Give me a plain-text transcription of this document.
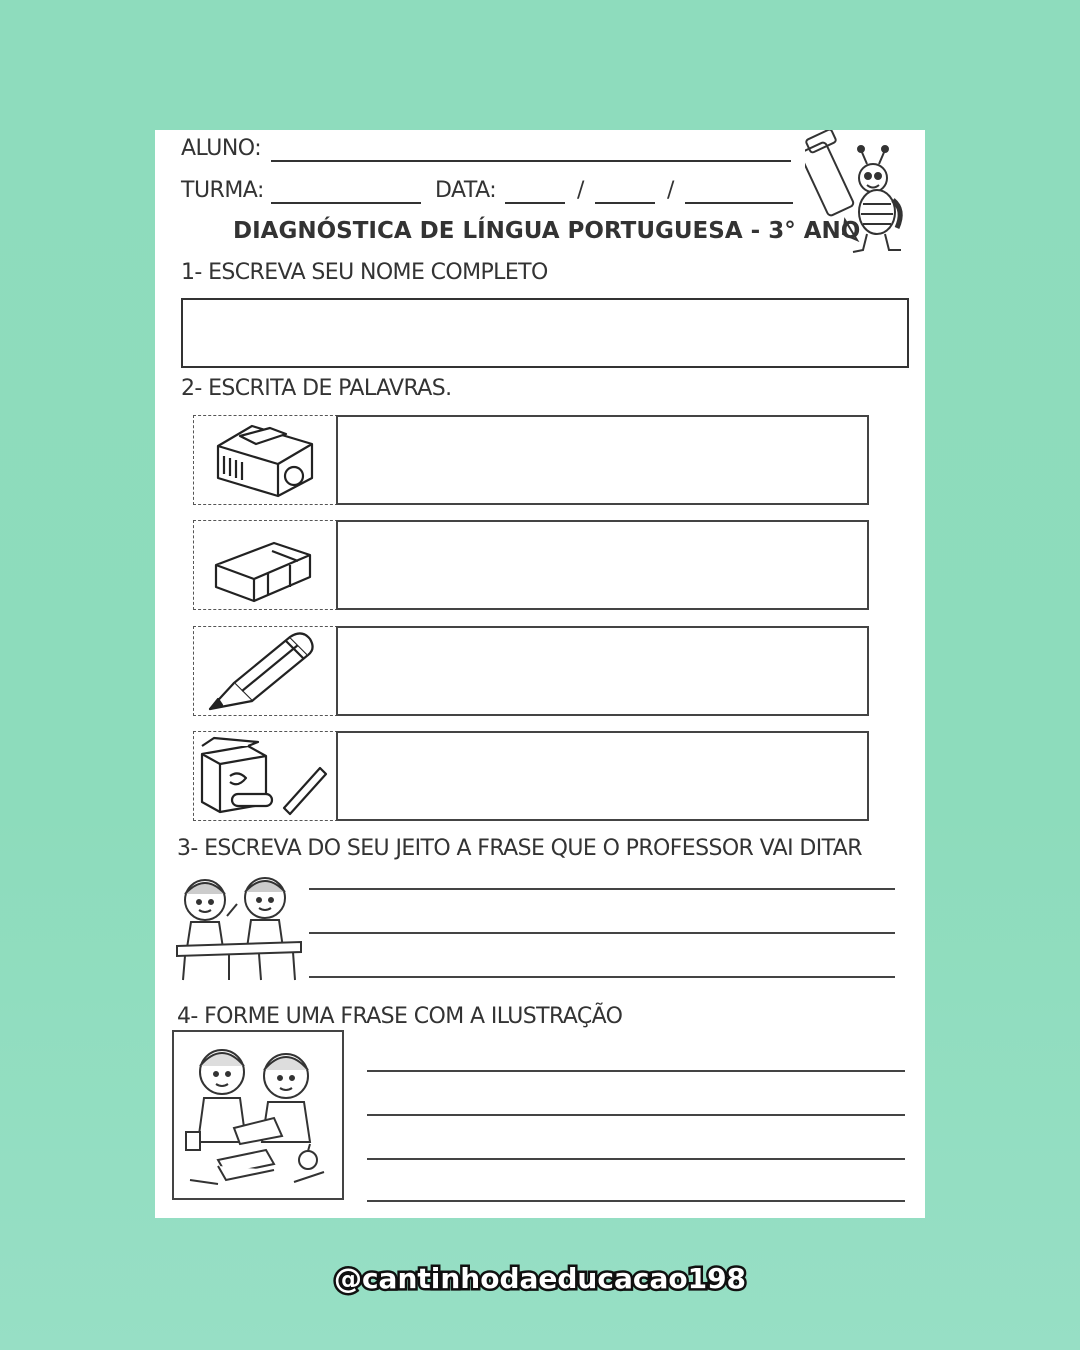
ALUNO:
TURMA:	DATA:	/	/
DIAGNÓSTICA DE LÍNGUA PORTUGUESA - 3° ANO
1- ESCREVA SEU NOME COMPLETO
2- ESCRITA DE PALAVRAS.
3- ESCREVA DO SEU JEITO A FRASE QUE O PROFESSOR VAI DITAR
4- FORME UMA FRASE COM A ILUSTRAÇÃO
@cantinhodaeducacao198
